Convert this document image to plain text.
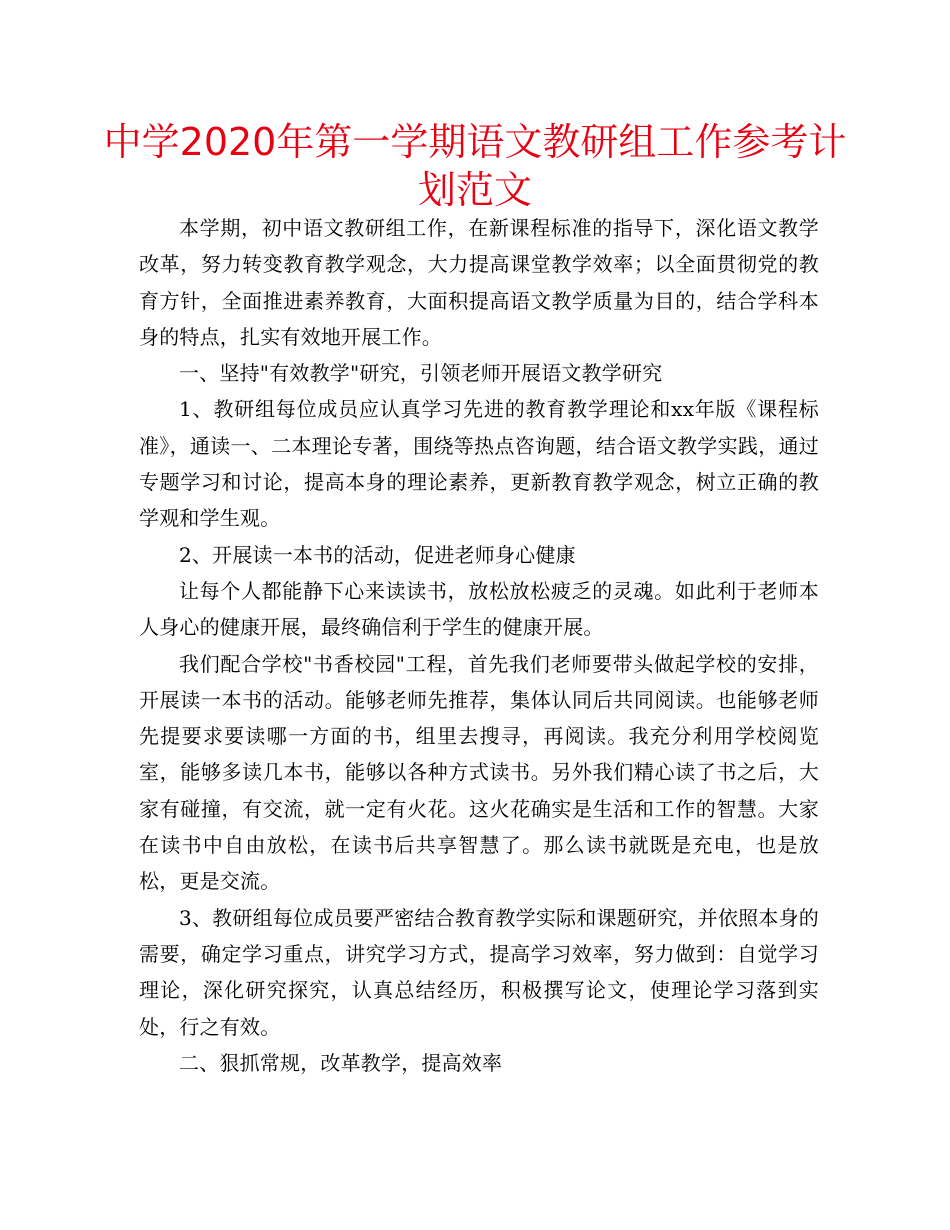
中学2020年第一学期语文教研组工作参考计划范文

本学期，初中语文教研组工作，在新课程标准的指导下，深化语文教学改革，努力转变教育教学观念，大力提高课堂教学效率；以全面贯彻党的教育方针，全面推进素养教育，大面积提高语文教学质量为目的，结合学科本身的特点，扎实有效地开展工作。

一、坚持"有效教学"研究，引领老师开展语文教学研究

1、教研组每位成员应认真学习先进的教育教学理论和xx年版《课程标准》，通读一、二本理论专著，围绕等热点咨询题，结合语文教学实践，通过专题学习和讨论，提高本身的理论素养，更新教育教学观念，树立正确的教学观和学生观。

2、开展读一本书的活动，促进老师身心健康

让每个人都能静下心来读读书，放松放松疲乏的灵魂。如此利于老师本人身心的健康开展，最终确信利于学生的健康开展。

我们配合学校"书香校园"工程，首先我们老师要带头做起学校的安排，开展读一本书的活动。能够老师先推荐，集体认同后共同阅读。也能够老师先提要求要读哪一方面的书，组里去搜寻，再阅读。我充分利用学校阅览室，能够多读几本书，能够以各种方式读书。另外我们精心读了书之后，大家有碰撞，有交流，就一定有火花。这火花确实是生活和工作的智慧。大家在读书中自由放松，在读书后共享智慧了。那么读书就既是充电，也是放松，更是交流。

3、教研组每位成员要严密结合教育教学实际和课题研究，并依照本身的需要，确定学习重点，讲究学习方式，提高学习效率，努力做到：自觉学习理论，深化研究探究，认真总结经历，积极撰写论文，使理论学习落到实处，行之有效。

二、狠抓常规，改革教学，提高效率
